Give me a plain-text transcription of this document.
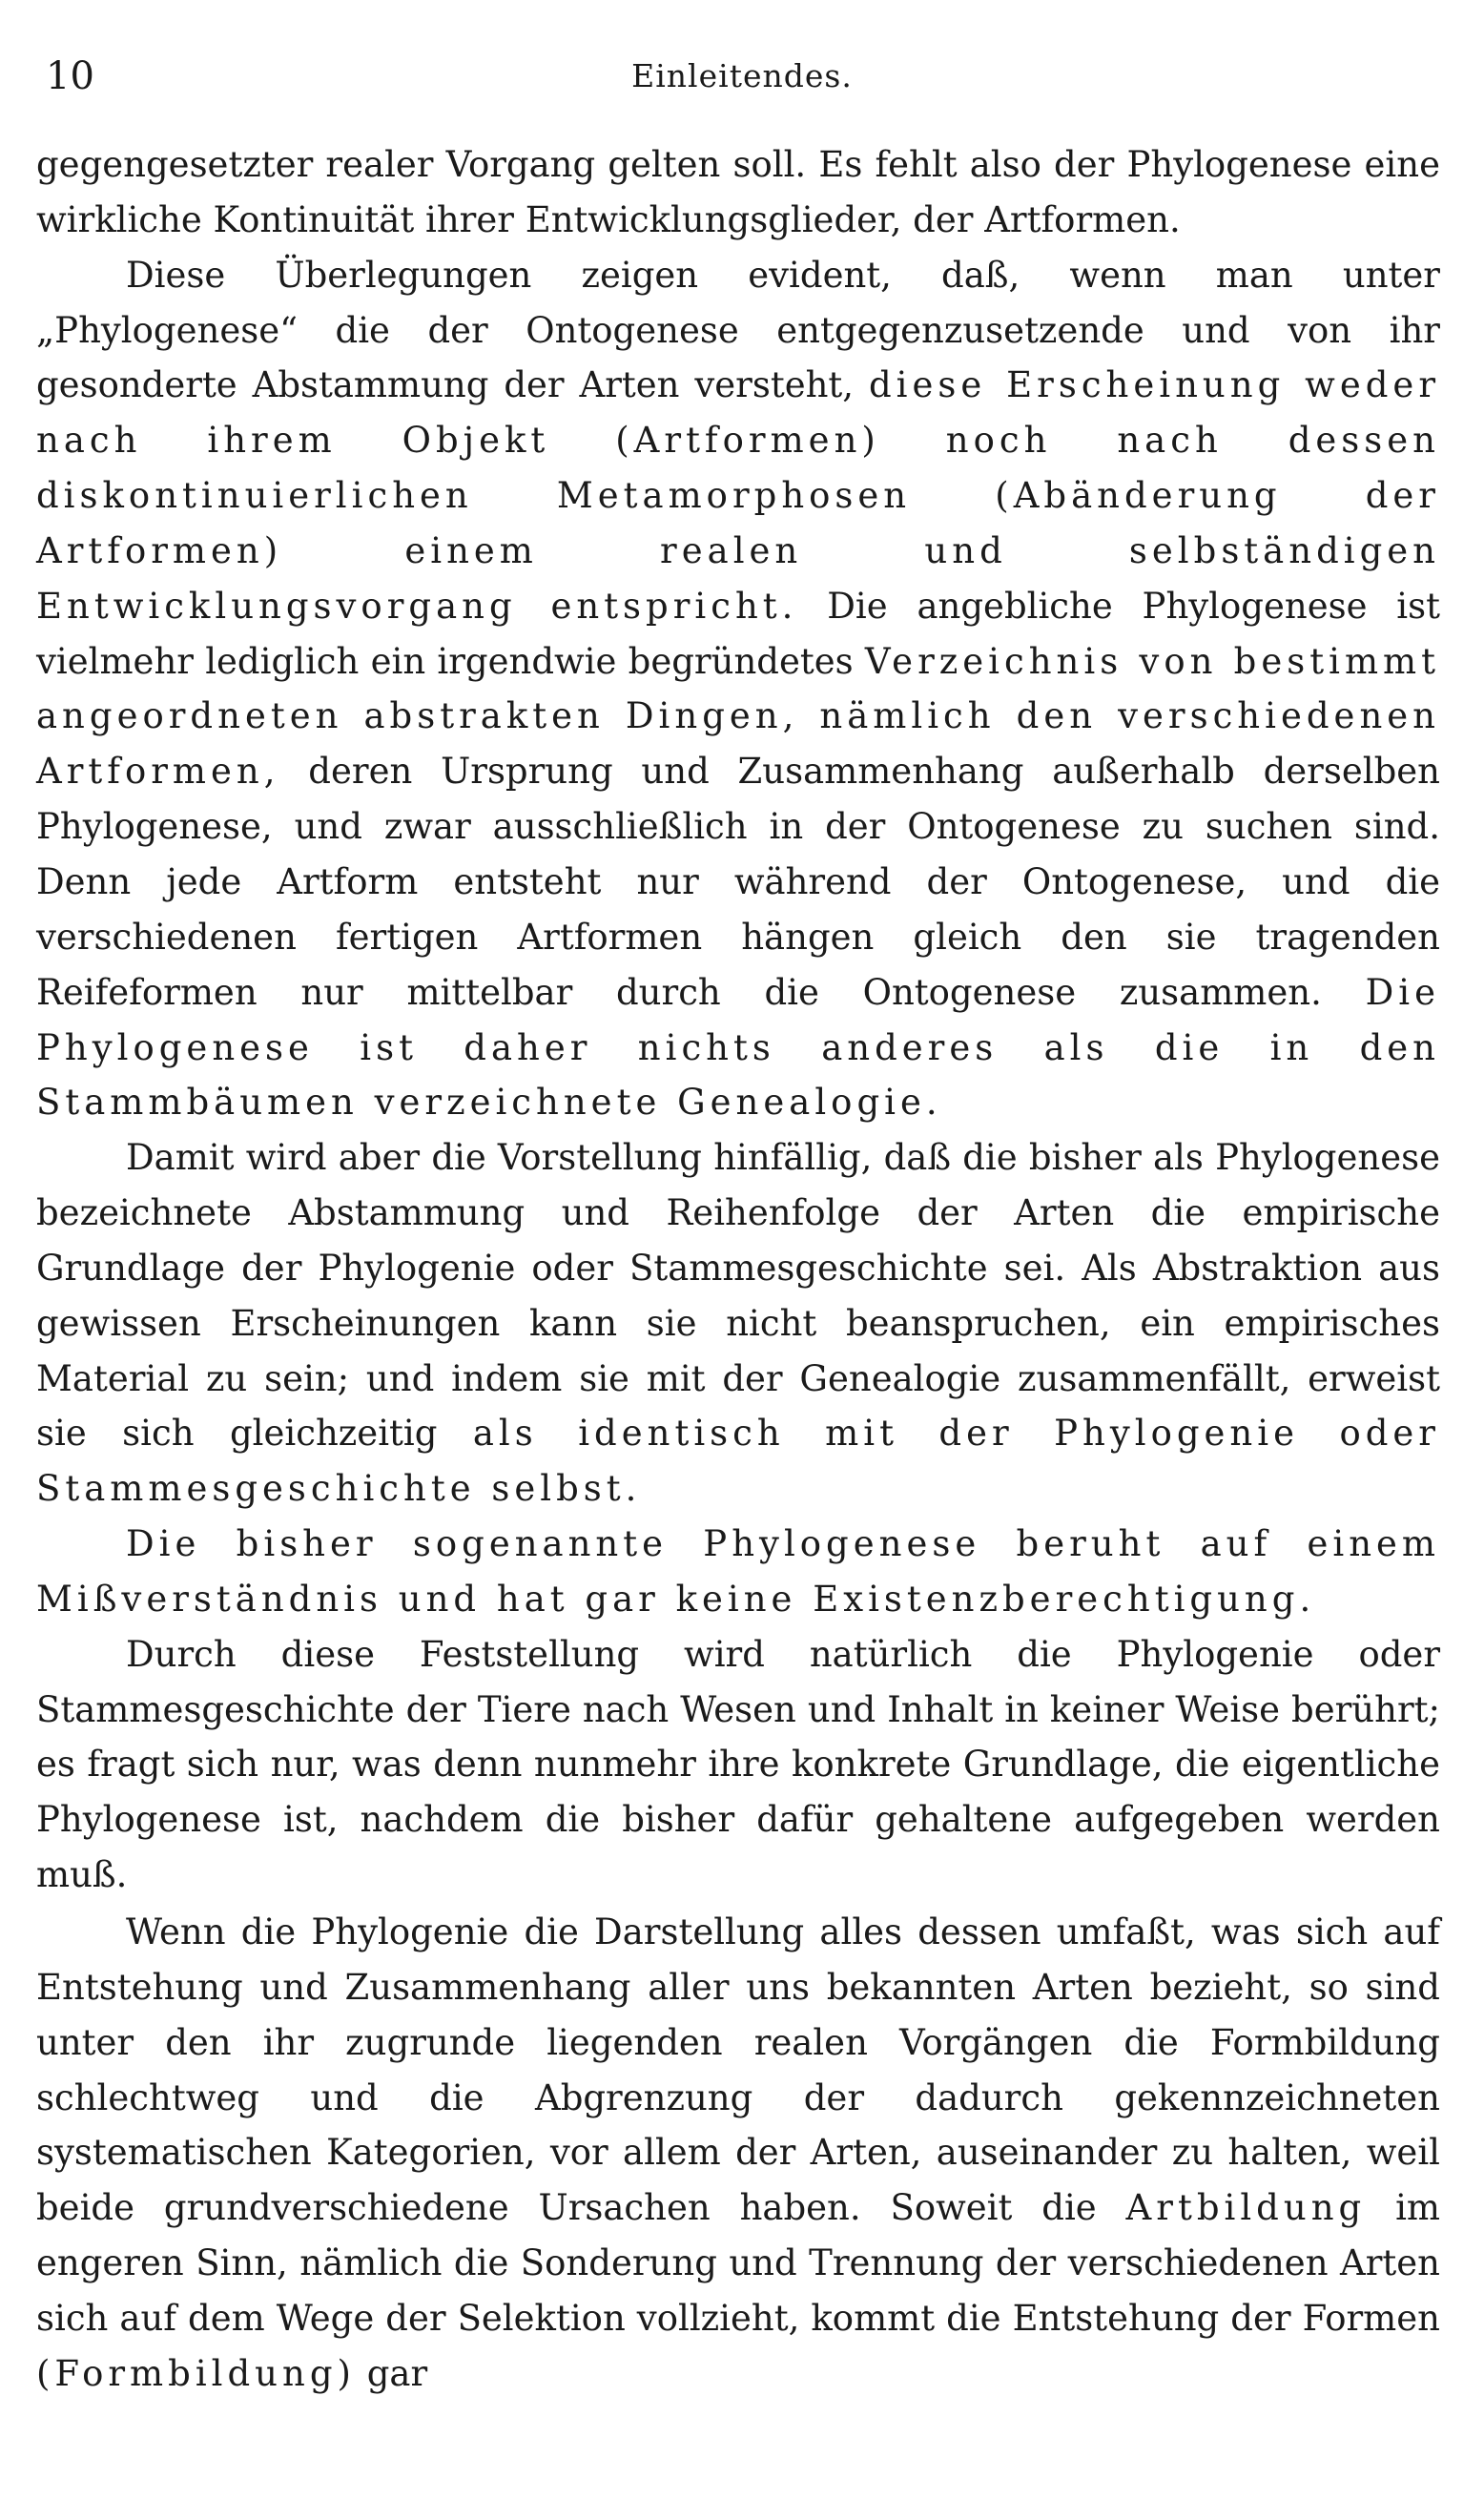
10	Einleitendes.

gegengesetzter realer Vorgang gelten soll. Es fehlt also der Phylogenese eine wirkliche Kontinuität ihrer Entwicklungsglieder, der Artformen.

Diese Überlegungen zeigen evident, daß, wenn man unter „Phylogenese“ die der Ontogenese entgegenzusetzende und von ihr gesonderte Abstammung der Arten versteht, diese Erscheinung weder nach ihrem Objekt (Artformen) noch nach dessen diskontinuierlichen Metamorphosen (Abänderung der Artformen) einem realen und selbständigen Entwicklungsvorgang entspricht. Die angebliche Phylogenese ist vielmehr lediglich ein irgendwie begründetes Verzeichnis von bestimmt angeordneten abstrakten Dingen, nämlich den verschiedenen Artformen, deren Ursprung und Zusammenhang außerhalb derselben Phylogenese, und zwar ausschließlich in der Ontogenese zu suchen sind. Denn jede Artform entsteht nur während der Ontogenese, und die verschiedenen fertigen Artformen hängen gleich den sie tragenden Reifeformen nur mittelbar durch die Ontogenese zusammen. Die Phylogenese ist daher nichts anderes als die in den Stammbäumen verzeichnete Genealogie.

Damit wird aber die Vorstellung hinfällig, daß die bisher als Phylogenese bezeichnete Abstammung und Reihenfolge der Arten die empirische Grundlage der Phylogenie oder Stammesgeschichte sei. Als Abstraktion aus gewissen Erscheinungen kann sie nicht beanspruchen, ein empirisches Material zu sein; und indem sie mit der Genealogie zusammenfällt, erweist sie sich gleichzeitig als identisch mit der Phylogenie oder Stammesgeschichte selbst.

Die bisher sogenannte Phylogenese beruht auf einem Mißverständnis und hat gar keine Existenzberechtigung.

Durch diese Feststellung wird natürlich die Phylogenie oder Stammesgeschichte der Tiere nach Wesen und Inhalt in keiner Weise berührt; es fragt sich nur, was denn nunmehr ihre konkrete Grundlage, die eigentliche Phylogenese ist, nachdem die bisher dafür gehaltene aufgegeben werden muß.

Wenn die Phylogenie die Darstellung alles dessen umfaßt, was sich auf Entstehung und Zusammenhang aller uns bekannten Arten bezieht, so sind unter den ihr zugrunde liegenden realen Vorgängen die Formbildung schlechtweg und die Abgrenzung der dadurch gekennzeichneten systematischen Kategorien, vor allem der Arten, auseinander zu halten, weil beide grundverschiedene Ursachen haben. Soweit die Artbildung im engeren Sinn, nämlich die Sonderung und Trennung der verschiedenen Arten sich auf dem Wege der Selektion vollzieht, kommt die Entstehung der Formen (Formbildung) gar
